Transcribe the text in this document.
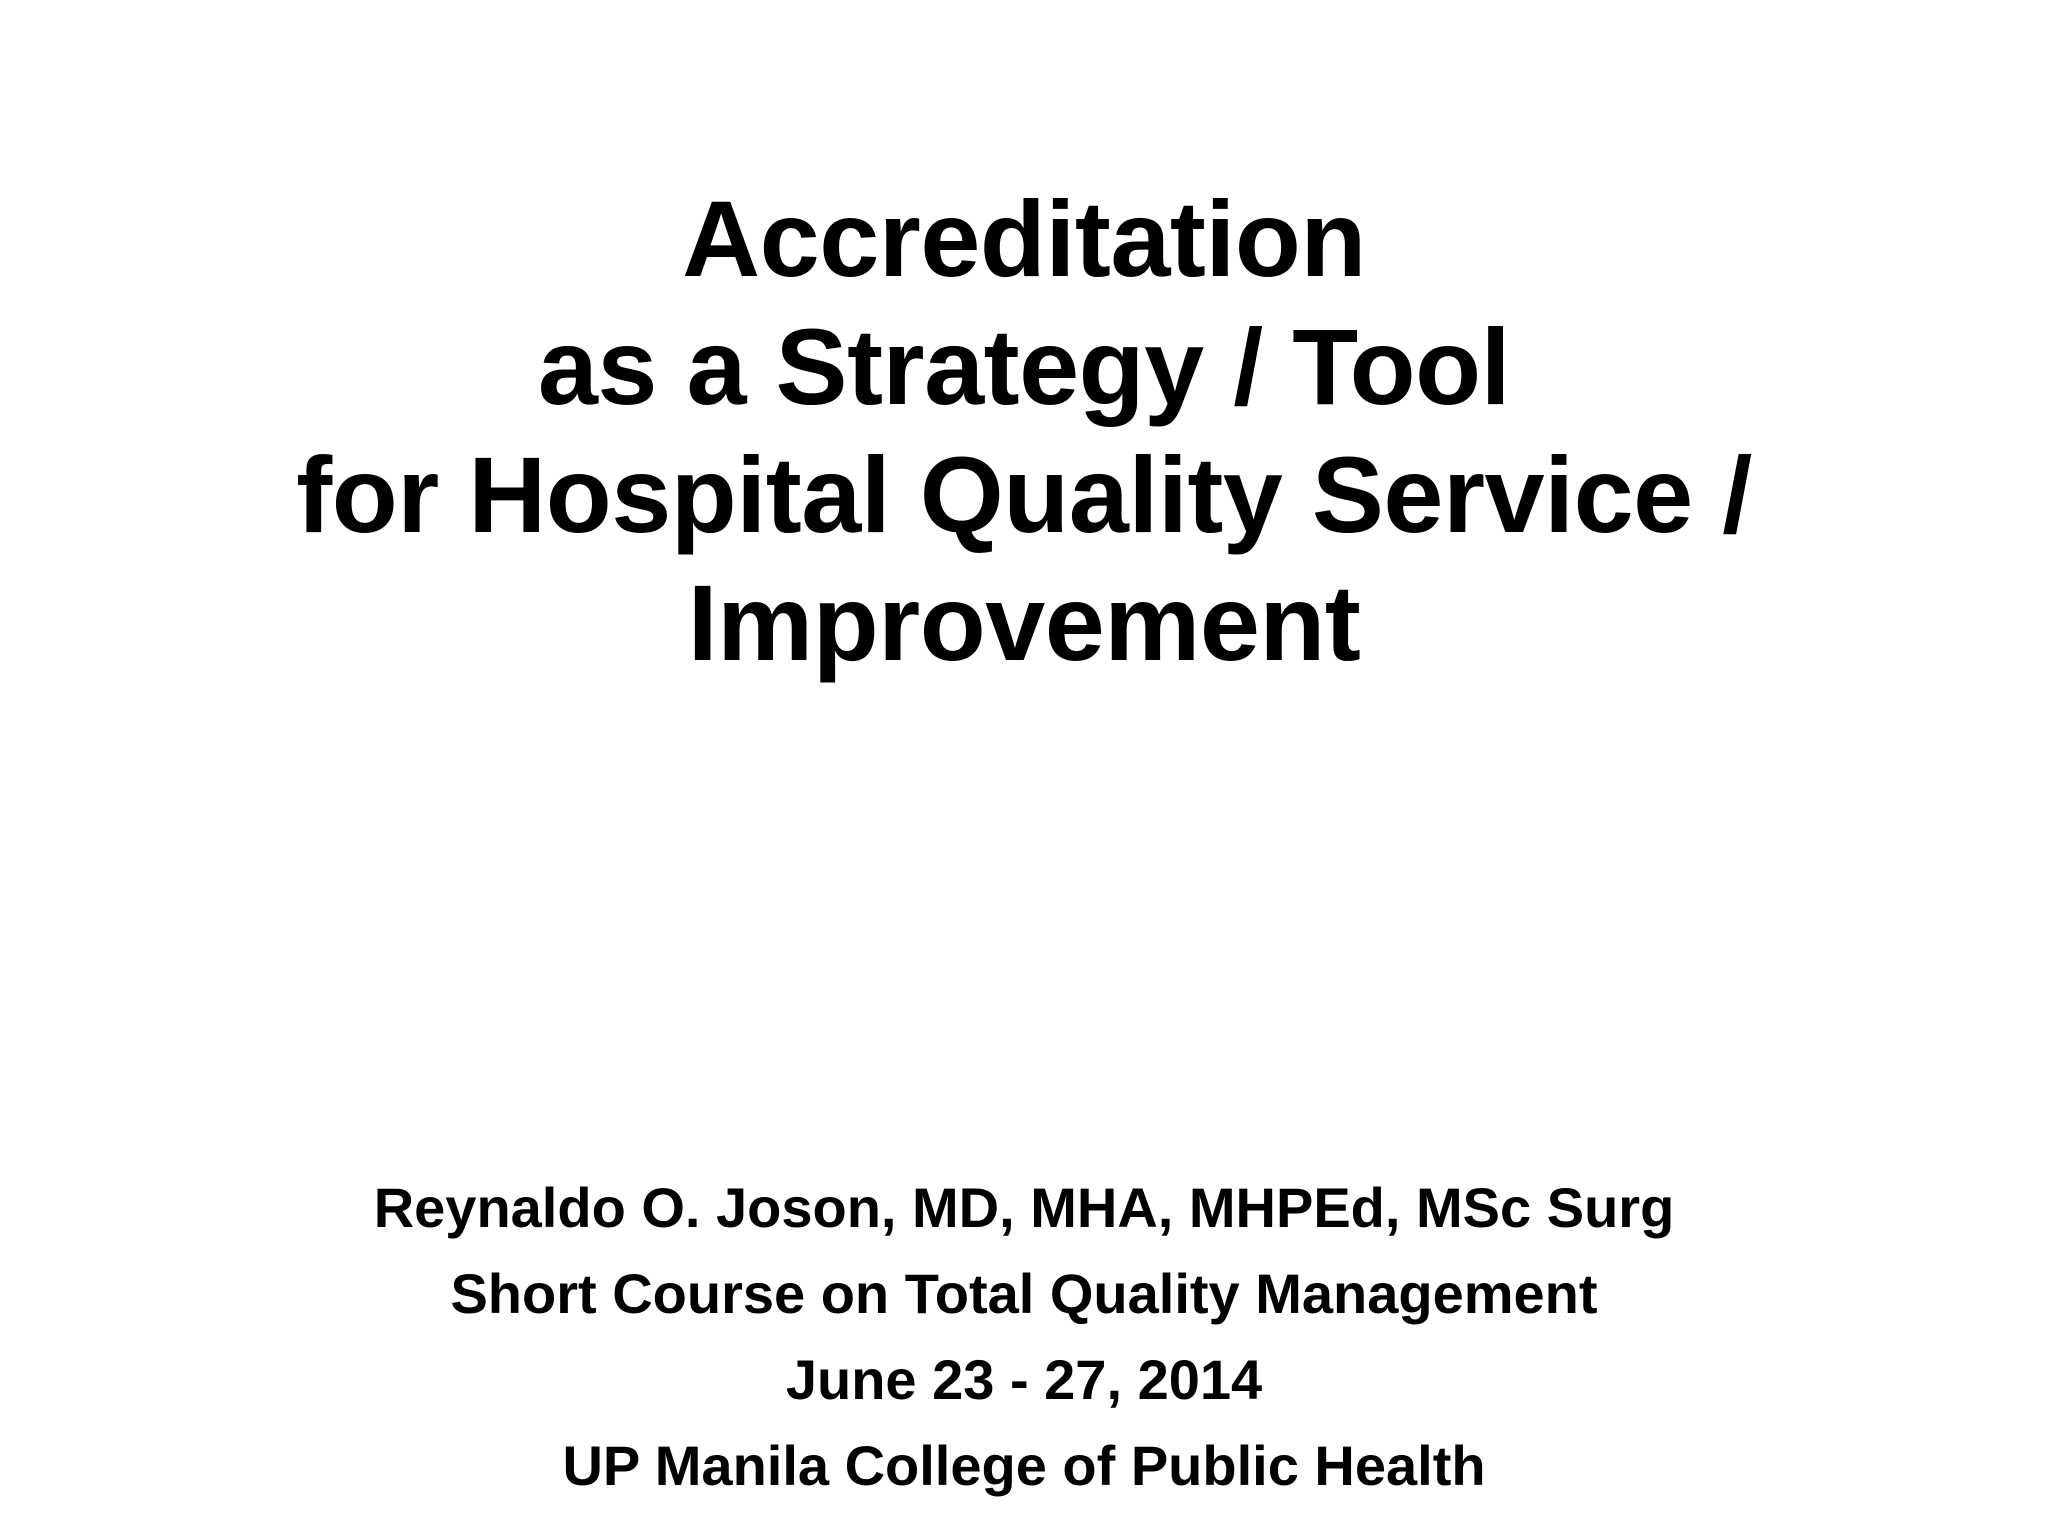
Accreditation
as a Strategy / Tool
for Hospital Quality Service /
Improvement
Reynaldo O. Joson, MD, MHA, MHPEd, MSc Surg
Short Course on Total Quality Management
June 23 - 27, 2014
UP Manila College of Public Health
